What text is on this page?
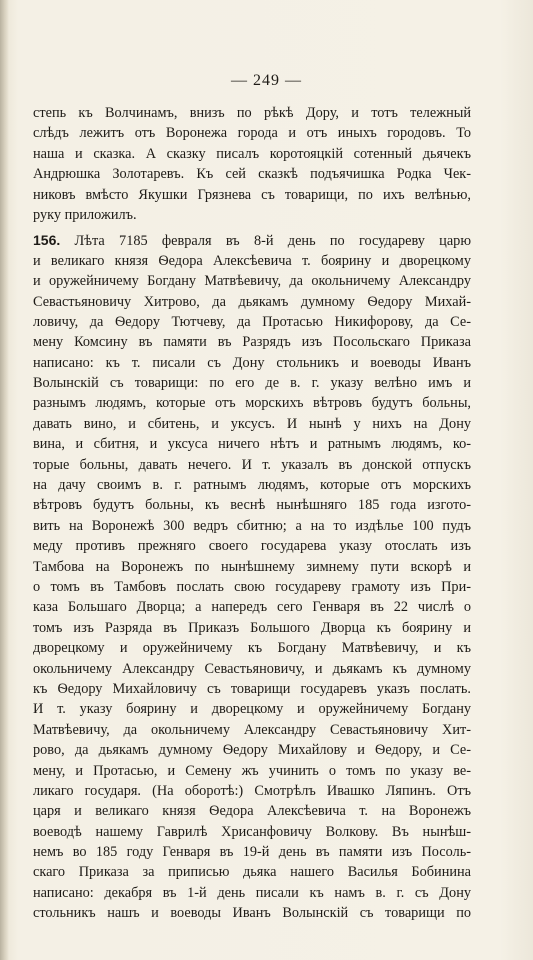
— 249 —
степь къ Волчинамъ, внизъ по рѣкѣ Дору, и тотъ тележный
слѣдъ лежитъ отъ Воронежа города и отъ иныхъ городовъ. То
наша и сказка. А сказку писалъ коротояцкій сотенный дьячекъ
Андрюшка Золотаревъ. Къ сей сказкѣ подъячишка Родка Чек-
никовъ вмѣсто Якушки Грязнева съ товарищи, по ихъ велѣнью,
руку приложилъ.
156. Лѣта 7185 февраля въ 8-й день по государеву царю
и великаго князя Ѳедора Алексѣевича т. боярину и дворецкому
и оружейничему Богдану Матвѣевичу, да окольничему Александру
Севастьяновичу Хитрово, да дьякамъ думному Ѳедору Михай-
ловичу, да Ѳедору Тютчеву, да Протасью Никифорову, да Се-
мену Комсину въ памяти въ Разрядъ изъ Посольскаго Приказа
написано: къ т. писали съ Дону стольникъ и воеводы Иванъ
Волынскій съ товарищи: по его де в. г. указу велѣно имъ и
разнымъ людямъ, которые отъ морскихъ вѣтровъ будутъ больны,
давать вино, и сбитень, и уксусъ. И нынѣ у нихъ на Дону
вина, и сбитня, и уксуса ничего нѣтъ и ратнымъ людямъ, ко-
торые больны, давать нечего. И т. указалъ въ донской отпускъ
на дачу своимъ в. г. ратнымъ людямъ, которые отъ морскихъ
вѣтровъ будутъ больны, къ веснѣ нынѣшняго 185 года изгото-
вить на Воронежѣ 300 ведръ сбитню; а на то издѣлье 100 пудъ
меду противъ прежняго своего государева указу отослать изъ
Тамбова на Воронежъ по нынѣшнему зимнему пути вскорѣ и
о томъ въ Тамбовъ послать свою государеву грамоту изъ При-
каза Большаго Дворца; а напередъ сего Генваря въ 22 числѣ о
томъ изъ Разряда въ Приказъ Большого Дворца къ боярину и
дворецкому и оружейничему къ Богдану Матвѣевичу, и къ
окольничему Александру Севастьяновичу, и дьякамъ къ думному
къ Ѳедору Михайловичу съ товарищи государевъ указъ послать.
И т. указу боярину и дворецкому и оружейничему Богдану
Матвѣевичу, да окольничему Александру Севастьяновичу Хит-
рово, да дьякамъ думному Ѳедору Михайлову и Ѳедору, и Се-
мену, и Протасью, и Семену жъ учинить о томъ по указу ве-
ликаго государя. (На оборотѣ:) Смотрѣлъ Ивашко Ляпинъ. Отъ
царя и великаго князя Ѳедора Алексѣевича т. на Воронежъ
воеводѣ нашему Гаврилѣ Хрисанфовичу Волкову. Въ нынѣш-
немъ во 185 году Генваря въ 19-й день въ памяти изъ Посоль-
скаго Приказа за приписью дьяка нашего Василья Бобинина
написано: декабря въ 1-й день писали къ намъ в. г. съ Дону
стольникъ нашъ и воеводы Иванъ Волынскій съ товарищи по
